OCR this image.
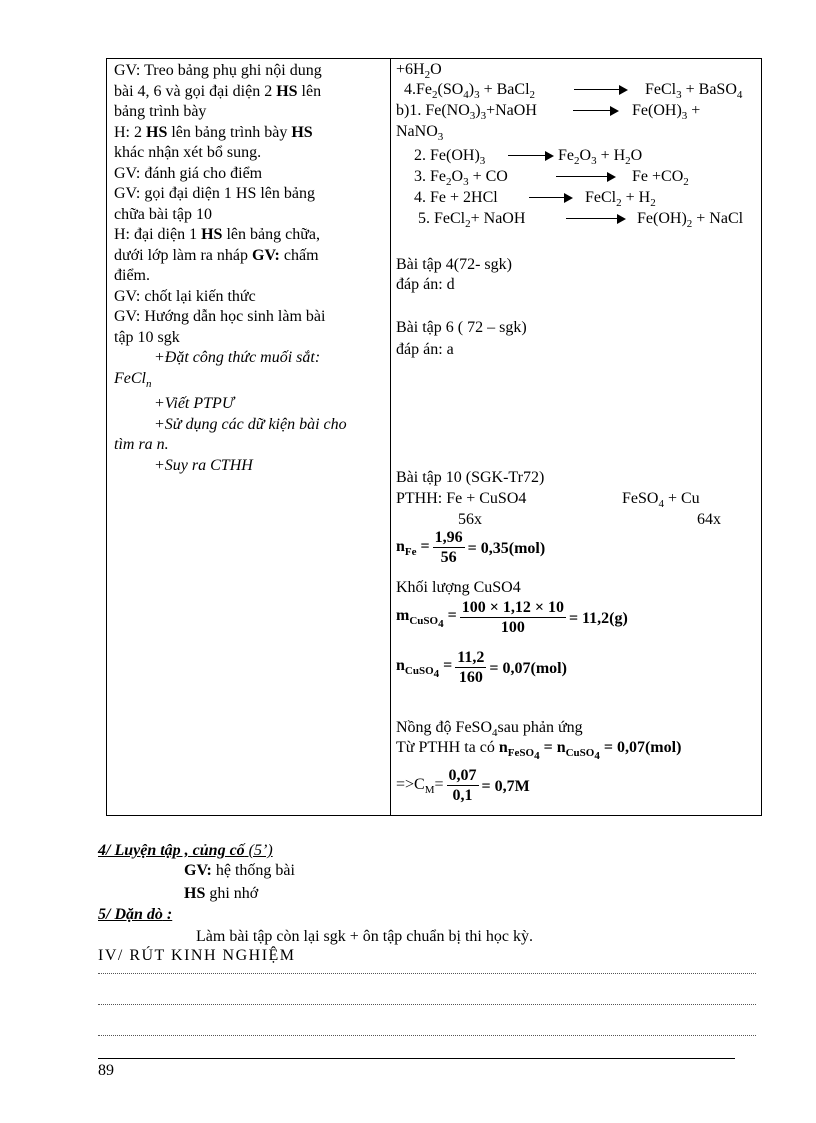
GV: Treo bảng phụ ghi nội dung
bài 4, 6 và gọi đại diện 2 HS lên
bảng trình bày
H: 2 HS lên bảng trình bày HS
khác nhận xét bổ sung.
GV: đánh giá cho điểm
GV: gọi đại diện 1 HS lên bảng
chữa bài tập 10
H: đại diện 1 HS lên bảng chữa,
dưới lớp làm ra nháp GV: chấm
điểm.
GV: chốt lại kiến thức
GV: Hướng dẫn học sinh làm bài
tập 10 sgk
+Đặt công thức muối sắt:
FeCl$_n$
+Viết PTPƯ
+Sử dụng các dữ kiện bài cho
tìm ra n.
+Suy ra CTHH
$+6H_2O$
$4.Fe_2(SO_4)_3$ + BaCl$_2$	FeCl$_3$ + BaSO$_4$
b)1. $Fe(NO_3)_3+NaOH$	$Fe(OH)_3$ +
NaNO$_3$
2. $Fe(OH)_3$	$Fe_2O_3 + H_2O$
3. $Fe_2O_3$ + CO	$Fe +CO_2$
4. Fe + 2HCl	FeCl$_2$ + $H_2$
5. FeCl$_2$+ NaOH	$Fe(OH)_2$ + NaCl
Bài tập 4(72- sgk)
đáp án: d
Bài tập 6 ( 72 – sgk)
đáp án: a
Bài tập 10 (SGK-Tr72)
PTHH: Fe + CuSO4	FeSO$_4$ + Cu
56x	64x
$n_{Fe} = \frac{1,96}{56} = 0,35(mol)$
Khối lượng CuSO4
$m_{CuSO_4} = \frac{100 \times 1,12 \times 10}{100} = 11,2(g)$
$n_{CuSO_4} = \frac{11,2}{160} = 0,07(mol)$
Nồng độ FeSO$_4$sau phản ứng
Từ PTHH ta có $n_{FeSO_4} = n_{CuSO_4} = 0,07(mol)$
$=>C_M= \frac{0,07}{0,1} = 0,7M$
4/ Luyện tập , củng cố (5’)
GV: hệ thống bài
HS ghi nhớ
5/ Dặn dò :
Làm bài tập còn lại sgk + ôn tập chuẩn bị thi học kỳ.
IV/ RÚT KINH NGHIỆM
89
